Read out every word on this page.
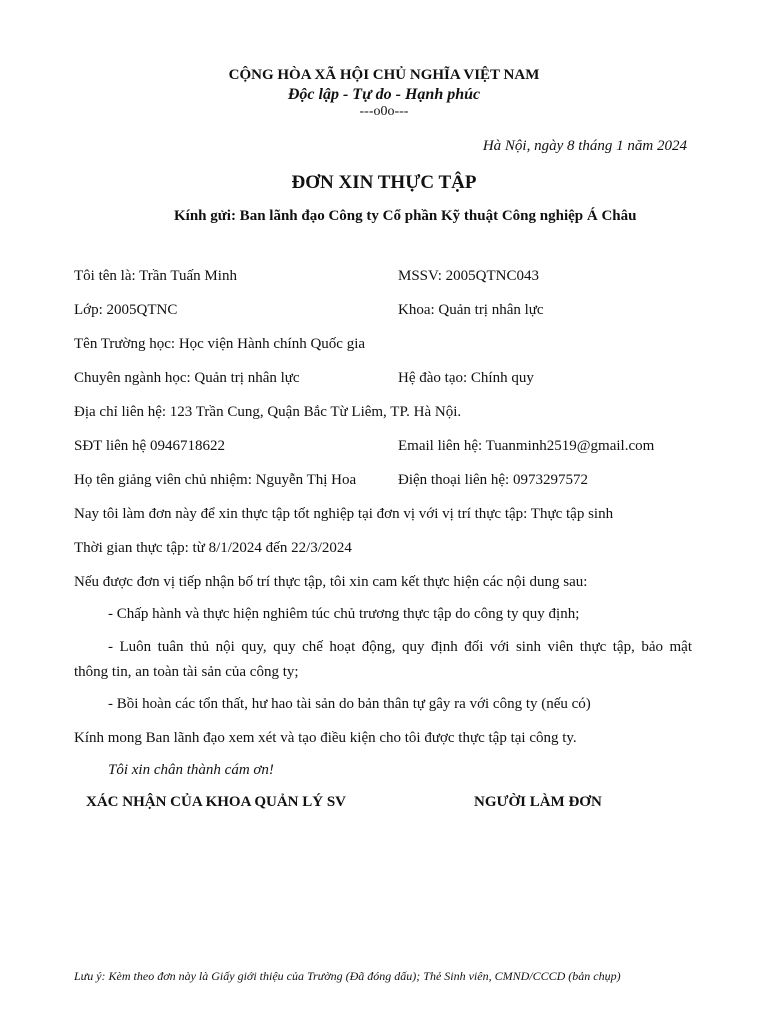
CỘNG HÒA XÃ HỘI CHỦ NGHĨA VIỆT NAM
Độc lập - Tự do - Hạnh phúc
---o0o---
Hà Nội, ngày 8 tháng 1 năm 2024
ĐƠN XIN THỰC TẬP
Kính gửi: Ban lãnh đạo Công ty Cổ phần Kỹ thuật Công nghiệp Á Châu
Tôi tên là: Trần Tuấn Minh	MSSV: 2005QTNC043
Lớp: 2005QTNC	Khoa: Quản trị nhân lực
Tên Trường học: Học viện Hành chính Quốc gia
Chuyên ngành học: Quản trị nhân lực	Hệ đào tạo: Chính quy
Địa chỉ liên hệ: 123 Trần Cung, Quận Bắc Từ Liêm, TP. Hà Nội.
SĐT liên hệ 0946718622	Email liên hệ: Tuanminh2519@gmail.com
Họ tên giảng viên chủ nhiệm: Nguyễn Thị Hoa	Điện thoại liên hệ: 0973297572
Nay tôi làm đơn này để xin thực tập tốt nghiệp tại đơn vị với vị trí thực tập: Thực tập sinh
Thời gian thực tập: từ 8/1/2024 đến 22/3/2024
Nếu được đơn vị tiếp nhận bố trí thực tập, tôi xin cam kết thực hiện các nội dung sau:
- Chấp hành và thực hiện nghiêm túc chủ trương thực tập do công ty quy định;
- Luôn tuân thủ nội quy, quy chế hoạt động, quy định đối với sinh viên thực tập, bảo mật
thông tin, an toàn tài sản của công ty;
- Bồi hoàn các tổn thất, hư hao tài sản do bản thân tự gây ra với công ty (nếu có)
Kính mong Ban lãnh đạo xem xét và tạo điều kiện cho tôi được thực tập tại công ty.
Tôi xin chân thành cám ơn!
XÁC NHẬN CỦA KHOA QUẢN LÝ SV	NGƯỜI LÀM ĐƠN
Lưu ý: Kèm theo đơn này là Giấy giới thiệu của Trường (Đã đóng dấu); Thẻ Sinh viên, CMND/CCCD (bản chụp)
